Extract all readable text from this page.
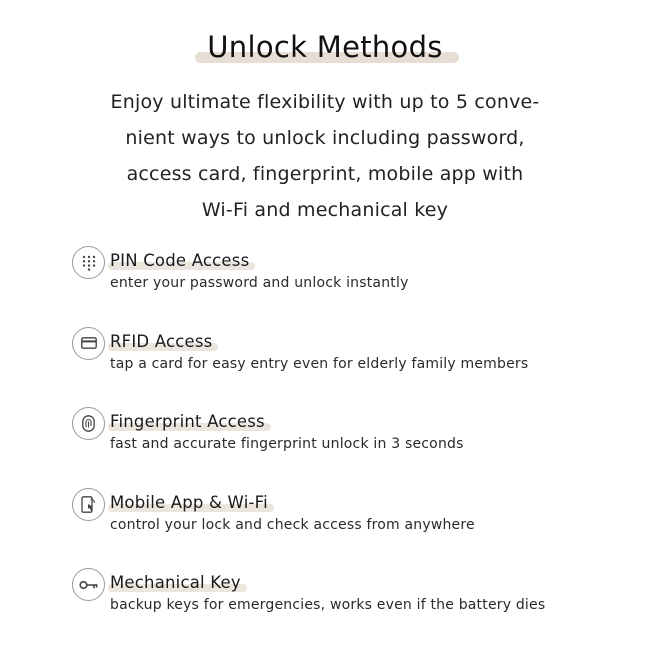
Unlock Methods
Enjoy ultimate flexibility with up to 5 conve-
nient ways to unlock including password,
access card, fingerprint, mobile app with
Wi-Fi and mechanical key
PIN Code Access
enter your password and unlock instantly
RFID Access
tap a card for easy entry even for elderly family members
Fingerprint Access
fast and accurate fingerprint unlock in 3 seconds
Mobile App & Wi-Fi
control your lock and check access from anywhere
Mechanical Key
backup keys for emergencies, works even if the battery dies
